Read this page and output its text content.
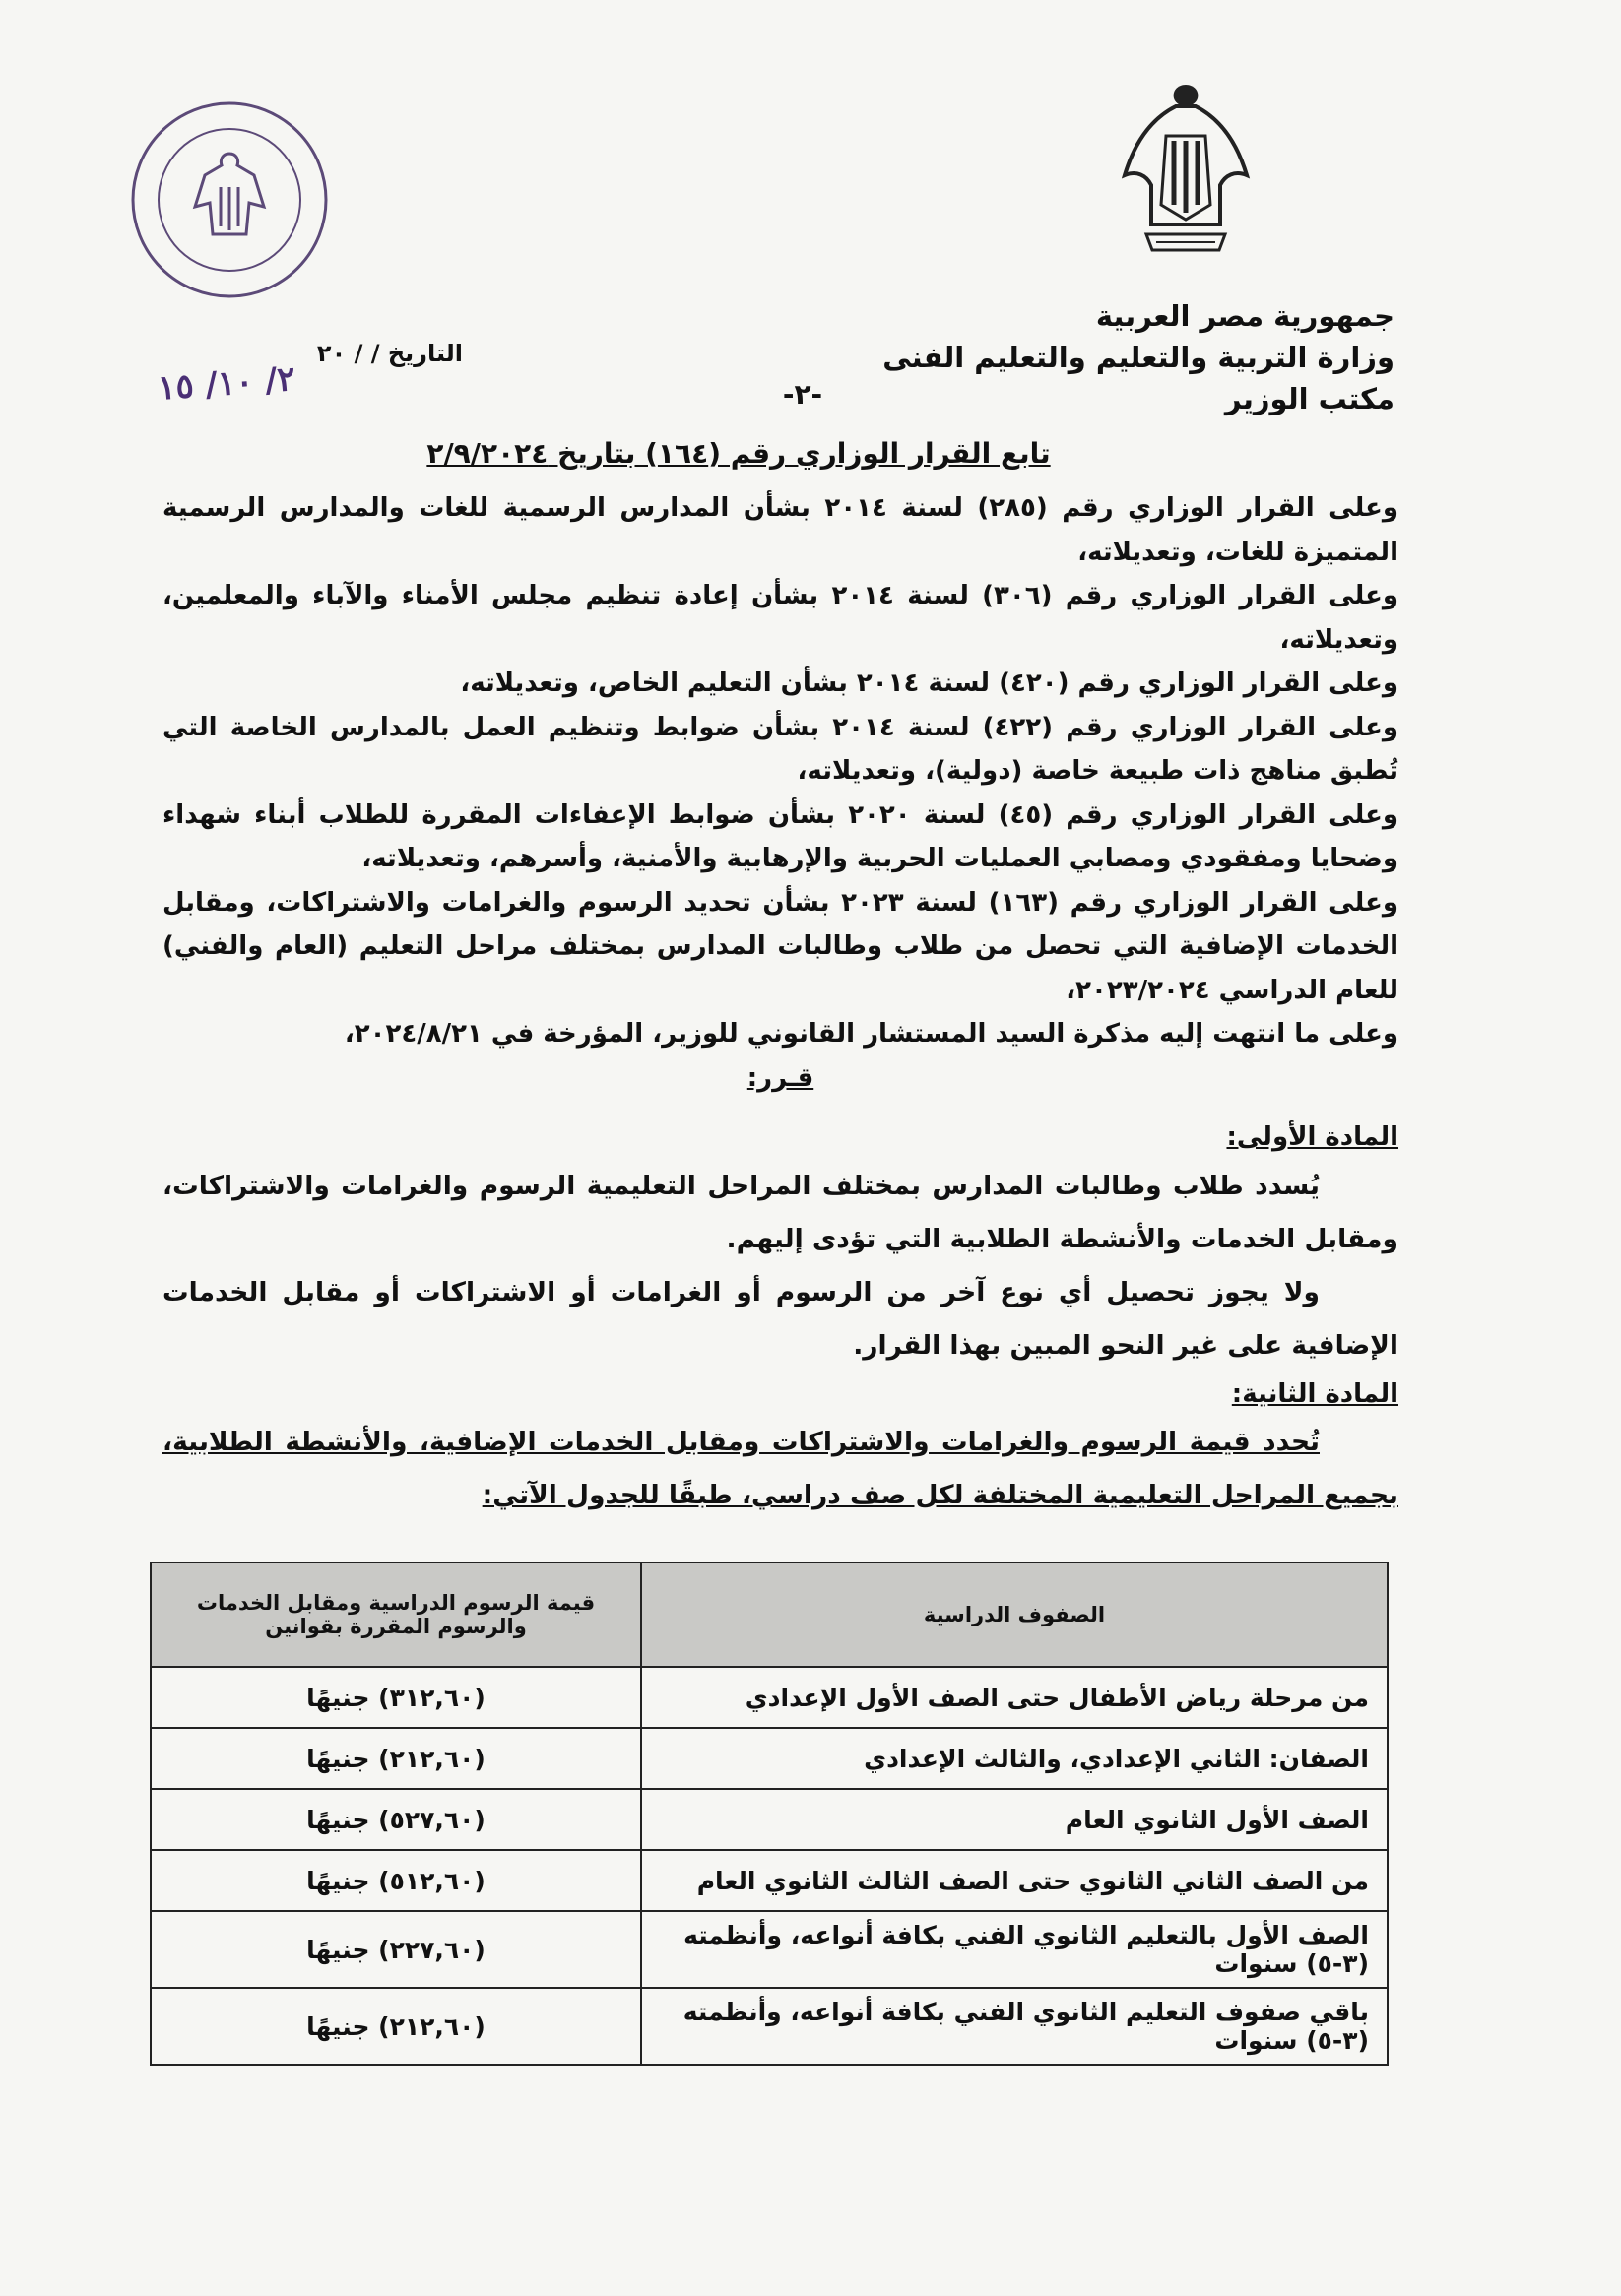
جمهورية مصر العربية
وزارة التربية والتعليم والتعليم الفنى
مكتب الوزير
التاريخ / / ٢٠
٢/ ١٠/ ١٥	-٢-
تابع القرار الوزاري رقم (١٦٤) بتاريخ ٢/٩/٢٠٢٤

وعلى القرار الوزاري رقم (٢٨٥) لسنة ٢٠١٤ بشأن المدارس الرسمية للغات والمدارس الرسمية المتميزة للغات، وتعديلاته،

وعلى القرار الوزاري رقم (٣٠٦) لسنة ٢٠١٤ بشأن إعادة تنظيم مجلس الأمناء والآباء والمعلمين، وتعديلاته،

وعلى القرار الوزاري رقم (٤٢٠) لسنة ٢٠١٤ بشأن التعليم الخاص، وتعديلاته،

وعلى القرار الوزاري رقم (٤٢٢) لسنة ٢٠١٤ بشأن ضوابط وتنظيم العمل بالمدارس الخاصة التي تُطبق مناهج ذات طبيعة خاصة (دولية)، وتعديلاته،

وعلى القرار الوزاري رقم (٤٥) لسنة ٢٠٢٠ بشأن ضوابط الإعفاءات المقررة للطلاب أبناء شهداء وضحايا ومفقودي ومصابي العمليات الحربية والإرهابية والأمنية، وأسرهم، وتعديلاته،

وعلى القرار الوزاري رقم (١٦٣) لسنة ٢٠٢٣ بشأن تحديد الرسوم والغرامات والاشتراكات، ومقابل الخدمات الإضافية التي تحصل من طلاب وطالبات المدارس بمختلف مراحل التعليم (العام والفني) للعام الدراسي ٢٠٢٣/٢٠٢٤،

وعلى ما انتهت إليه مذكرة السيد المستشار القانوني للوزير، المؤرخة في ٢٠٢٤/٨/٢١،

قـرر:

المادة الأولى:

يُسدد طلاب وطالبات المدارس بمختلف المراحل التعليمية الرسوم والغرامات والاشتراكات، ومقابل الخدمات والأنشطة الطلابية التي تؤدى إليهم.

ولا يجوز تحصيل أي نوع آخر من الرسوم أو الغرامات أو الاشتراكات أو مقابل الخدمات الإضافية على غير النحو المبين بهذا القرار.

المادة الثانية:

تُحدد قيمة الرسوم والغرامات والاشتراكات ومقابل الخدمات الإضافية، والأنشطة الطلابية، بجميع المراحل التعليمية المختلفة لكل صف دراسي، طبقًا للجدول الآتي:

الصفوف الدراسية	قيمة الرسوم الدراسية ومقابل الخدمات والرسوم المقررة بقوانين
من مرحلة رياض الأطفال حتى الصف الأول الإعدادي	(٣١٢,٦٠) جنيهًا
الصفان: الثاني الإعدادي، والثالث الإعدادي	(٢١٢,٦٠) جنيهًا
الصف الأول الثانوي العام	(٥٢٧,٦٠) جنيهًا
من الصف الثاني الثانوي حتى الصف الثالث الثانوي العام	(٥١٢,٦٠) جنيهًا
الصف الأول بالتعليم الثانوي الفني بكافة أنواعه، وأنظمته (٣-٥) سنوات	(٢٢٧,٦٠) جنيهًا
باقي صفوف التعليم الثانوي الفني بكافة أنواعه، وأنظمته (٣-٥) سنوات	(٢١٢,٦٠) جنيهًا
